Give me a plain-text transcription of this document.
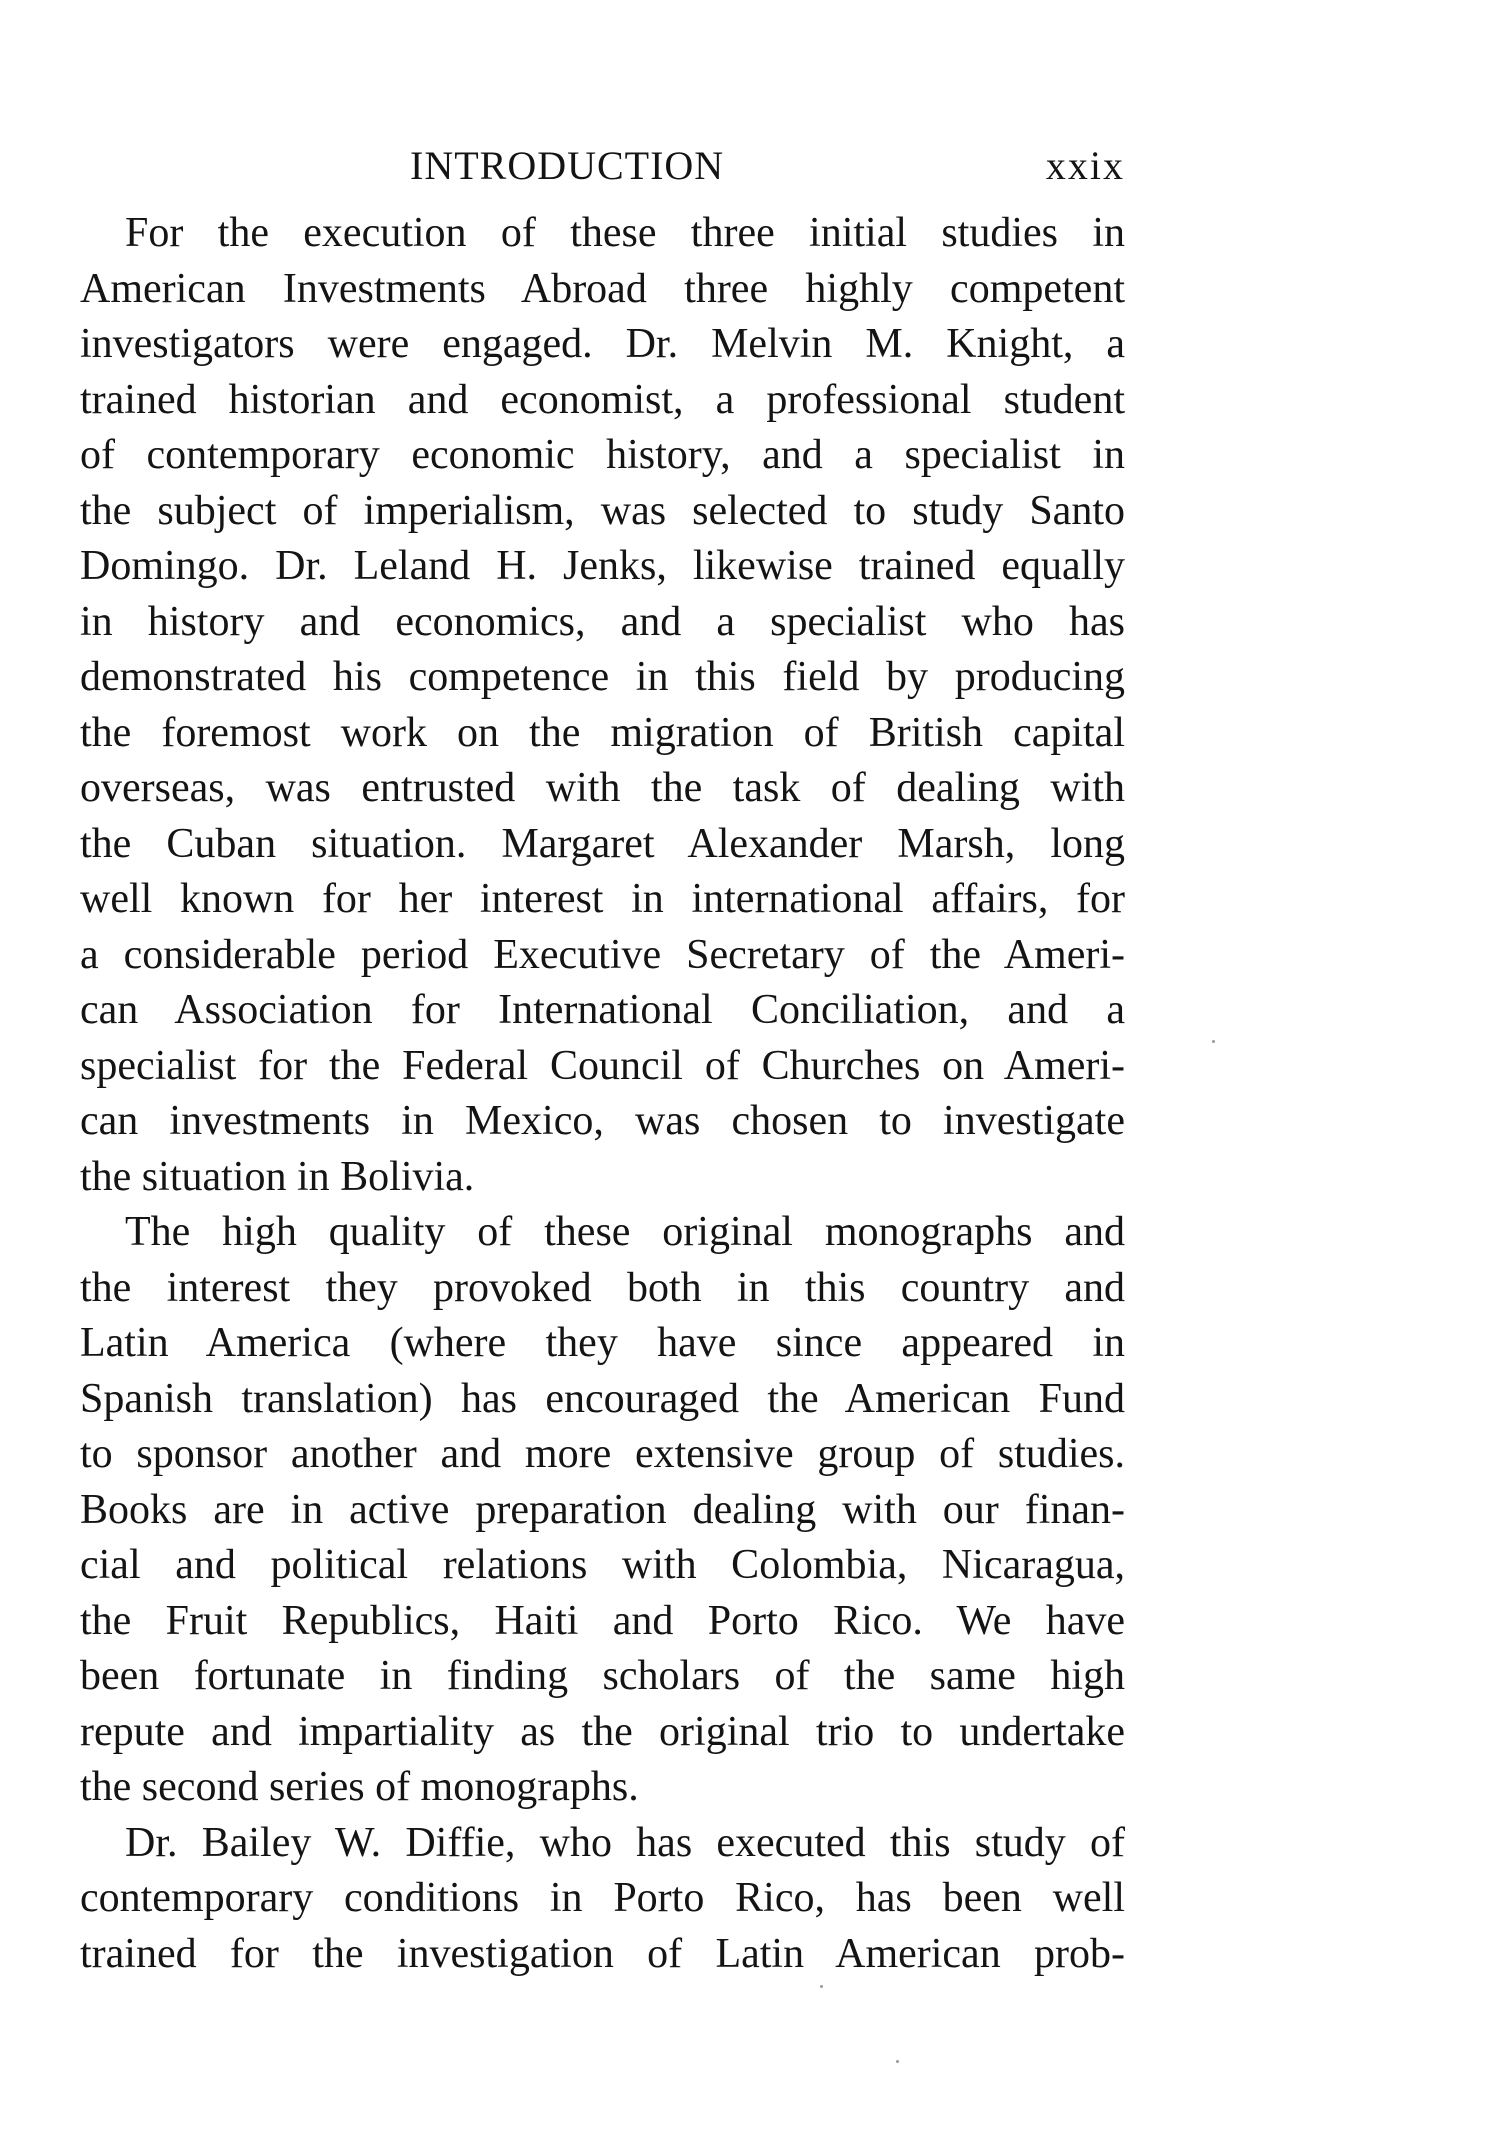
INTRODUCTION	xxix
For the execution of these three initial studies in
American Investments Abroad three highly competent
investigators were engaged. Dr. Melvin M. Knight, a
trained historian and economist, a professional student
of contemporary economic history, and a specialist in
the subject of imperialism, was selected to study Santo
Domingo. Dr. Leland H. Jenks, likewise trained equally
in history and economics, and a specialist who has
demonstrated his competence in this field by producing
the foremost work on the migration of British capital
overseas, was entrusted with the task of dealing with
the Cuban situation. Margaret Alexander Marsh, long
well known for her interest in international affairs, for
a considerable period Executive Secretary of the Ameri-
can Association for International Conciliation, and a
specialist for the Federal Council of Churches on Ameri-
can investments in Mexico, was chosen to investigate
the situation in Bolivia.
The high quality of these original monographs and
the interest they provoked both in this country and
Latin America (where they have since appeared in
Spanish translation) has encouraged the American Fund
to sponsor another and more extensive group of studies.
Books are in active preparation dealing with our finan-
cial and political relations with Colombia, Nicaragua,
the Fruit Republics, Haiti and Porto Rico. We have
been fortunate in finding scholars of the same high
repute and impartiality as the original trio to undertake
the second series of monographs.
Dr. Bailey W. Diffie, who has executed this study of
contemporary conditions in Porto Rico, has been well
trained for the investigation of Latin American prob-
